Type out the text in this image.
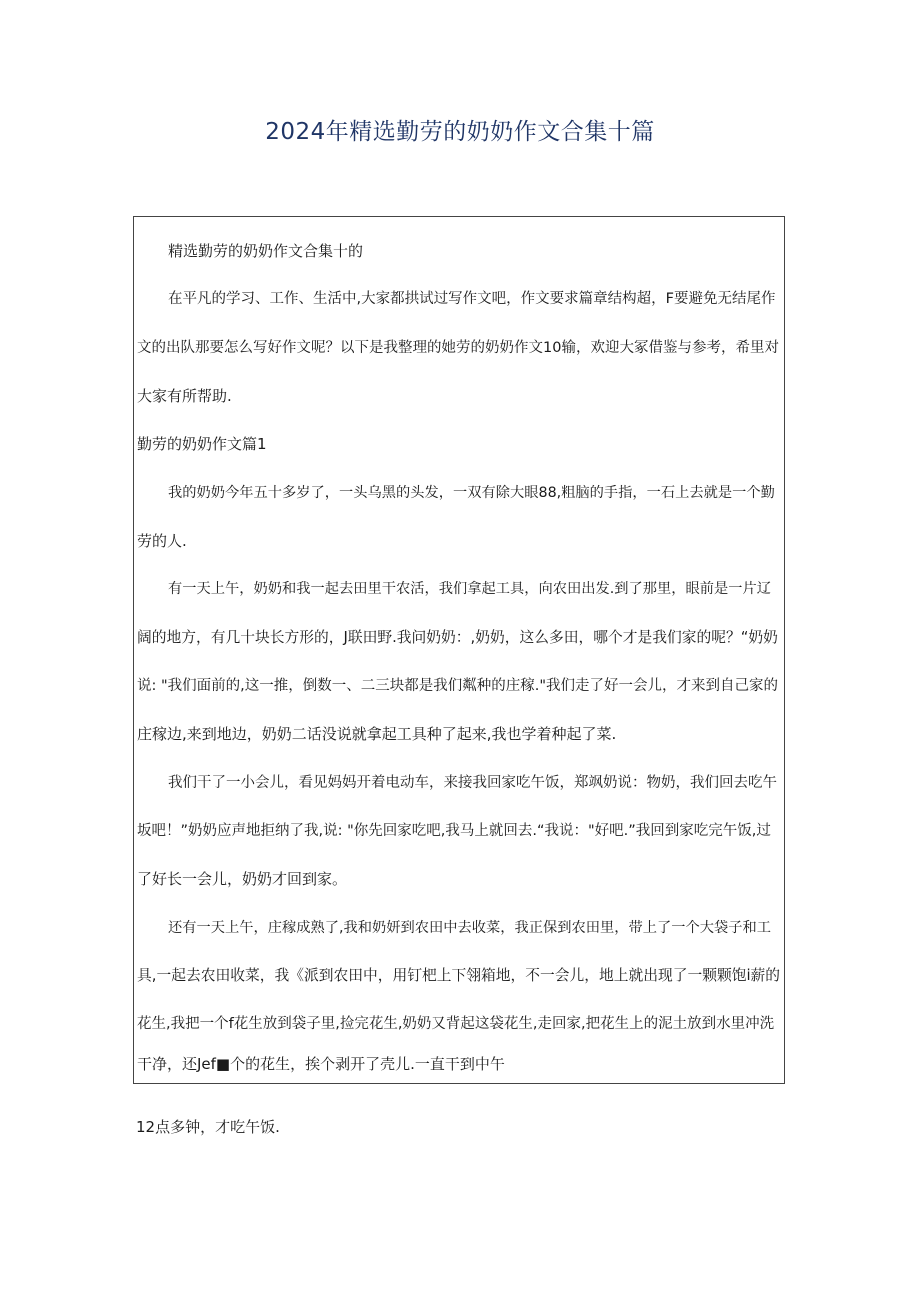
2024年精选勤劳的奶奶作文合集十篇
精选勤劳的奶奶作文合集十的
在平凡的学习、工作、生活中,大家都拱试过写作文吧，作文要求篇章结构超，F要避免无结尾作
文的出队那要怎么写好作文呢？以下是我整理的她劳的奶奶作文10输，欢迎大冢借鉴与参考，希里对
大家有所帮助.
勤劳的奶奶作文篇1
我的奶奶今年五十多岁了，一头乌黑的头发，一双有除大眼88,粗脑的手指，一石上去就是一个勤
劳的人.
有一天上午，奶奶和我一起去田里干农活，我们拿起工具，向农田出发.到了那里，眼前是一片辽
阔的地方，有几十块长方形的，J联田野.我问奶奶：,奶奶，这么多田，哪个才是我们家的呢？“奶奶
说: "我们面前的,这一推，倒数一、二三块都是我们粼种的庄稼."我们走了好一会儿，才来到自己家的
庄稼边,来到地边，奶奶二话没说就拿起工具种了起来,我也学着种起了菜.
我们干了一小会儿，看见妈妈开着电动车，来接我回家吃午饭，郑飒奶说：物奶，我们回去吃午
坂吧！”奶奶应声地拒纳了我,说: "你先回家吃吧,我马上就回去.“我说："好吧.”我回到家吃完午饭,过
了好长一会儿，奶奶才回到家。
还有一天上午，庄稼成熟了,我和奶妍到农田中去收菜，我正保到农田里，带上了一个大袋子和工
具,一起去农田收菜，我《派到农田中，用钉杷上下翎箱地，不一会儿，地上就出现了一颗颗饱i薪的
花生,我把一个f花生放到袋子里,捡完花生,奶奶又背起这袋花生,走回家,把花生上的泥土放到水里冲洗
干净，还Jef■个的花生，挨个剥开了壳儿.一直干到中午
12点多钟，才吃午饭.
